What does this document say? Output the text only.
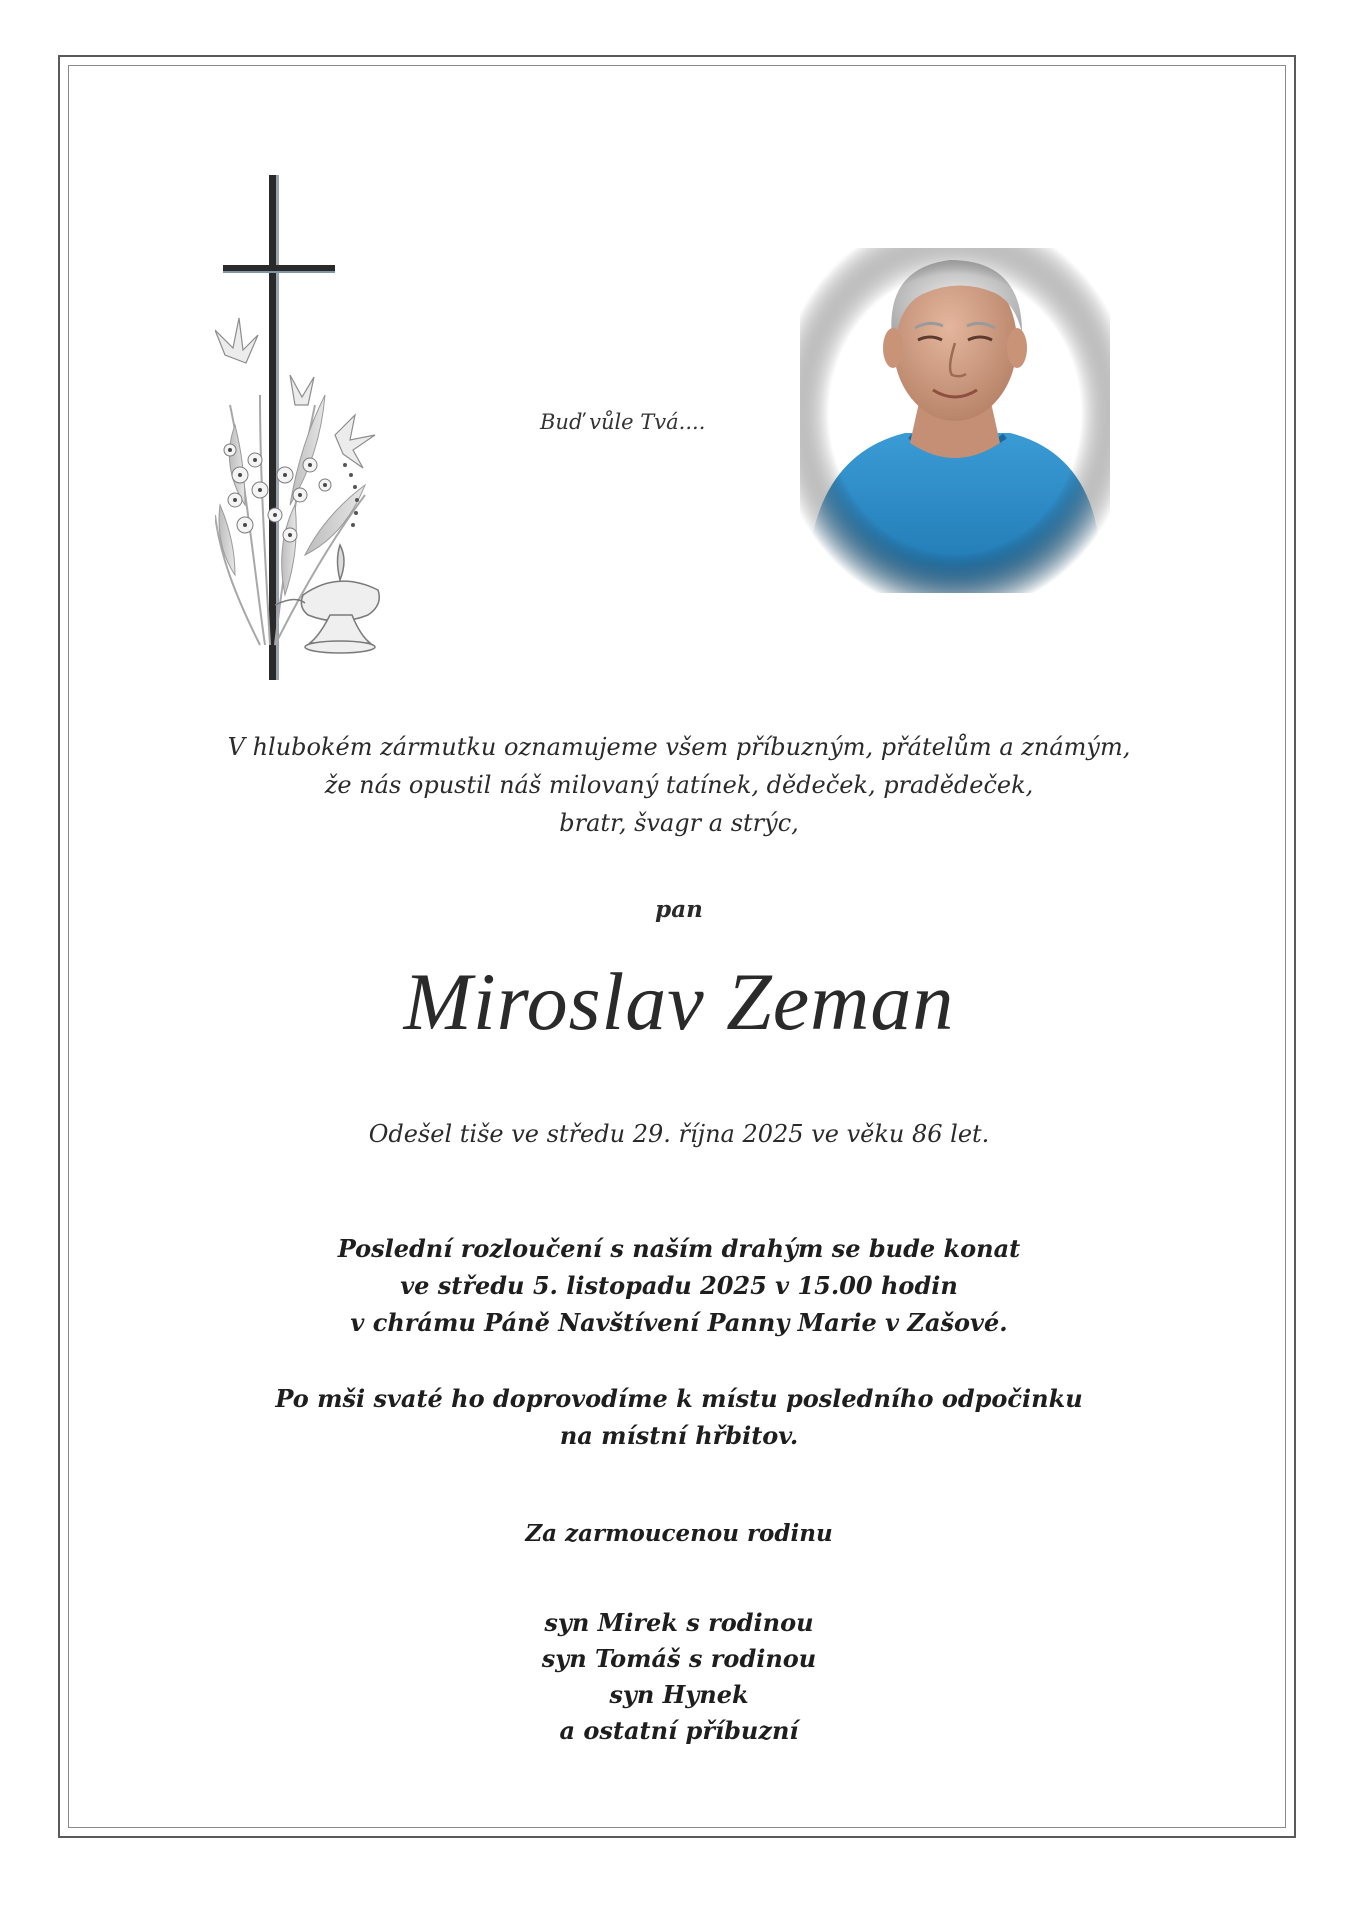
Buď vůle Tvá....
V hlubokém zármutku oznamujeme všem příbuzným, přátelům a známým,
že nás opustil náš milovaný tatínek, dědeček, pradědeček,
bratr, švagr a strýc,
pan
Miroslav Zeman
Odešel tiše ve středu 29. října 2025 ve věku 86 let.
Poslední rozloučení s naším drahým se bude konat
ve středu 5. listopadu 2025 v 15.00 hodin
v chrámu Páně Navštívení Panny Marie v Zašové.
Po mši svaté ho doprovodíme k místu posledního odpočinku
na místní hřbitov.
Za zarmoucenou rodinu
syn Mirek s rodinou
syn Tomáš s rodinou
syn Hynek
a ostatní příbuzní
